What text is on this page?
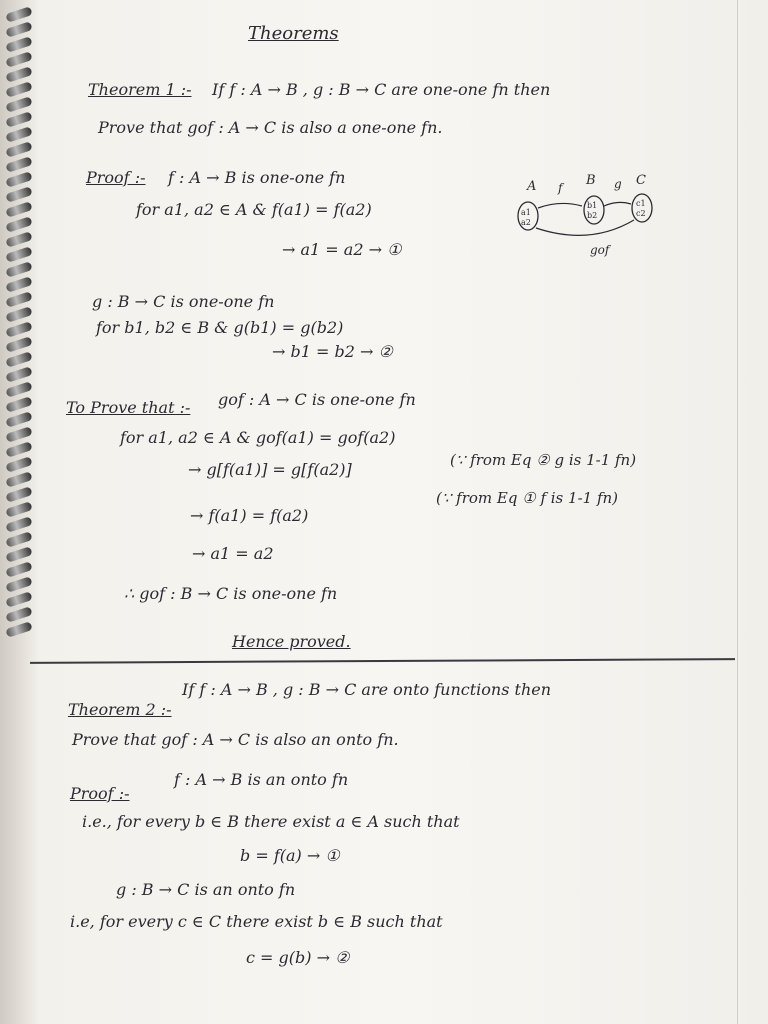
Theorems
Theorem 1 :- If f : A → B , g : B → C are one-one fn then
Prove that gof : A → C is also a one-one fn.
Proof :- f : A → B is one-one fn
for a1, a2 ∈ A & f(a1) = f(a2)
→ a1 = a2 → ①
A f B g C
a1
a2
b1
b2
c1
c2
gof
g : B → C is one-one fn
for b1, b2 ∈ B & g(b1) = g(b2)
→ b1 = b2 → ②
To Prove that :- gof : A → C is one-one fn
for a1, a2 ∈ A & gof(a1) = gof(a2)
→ g[f(a1)] = g[f(a2)]	(∵ from Eq ② g is 1-1 fn)
→ f(a1) = f(a2)
(∵ from Eq ① f is 1-1 fn)
→ a1 = a2
∴ gof : B → C is one-one fn
Hence proved.
Theorem 2 :-
If f : A → B , g : B → C are onto functions then
Prove that gof : A → C is also an onto fn.
Proof :-
f : A → B is an onto fn
i.e., for every b ∈ B there exist a ∈ A such that
b = f(a) → ①
g : B → C is an onto fn
i.e, for every c ∈ C there exist b ∈ B such that
c = g(b) → ②
